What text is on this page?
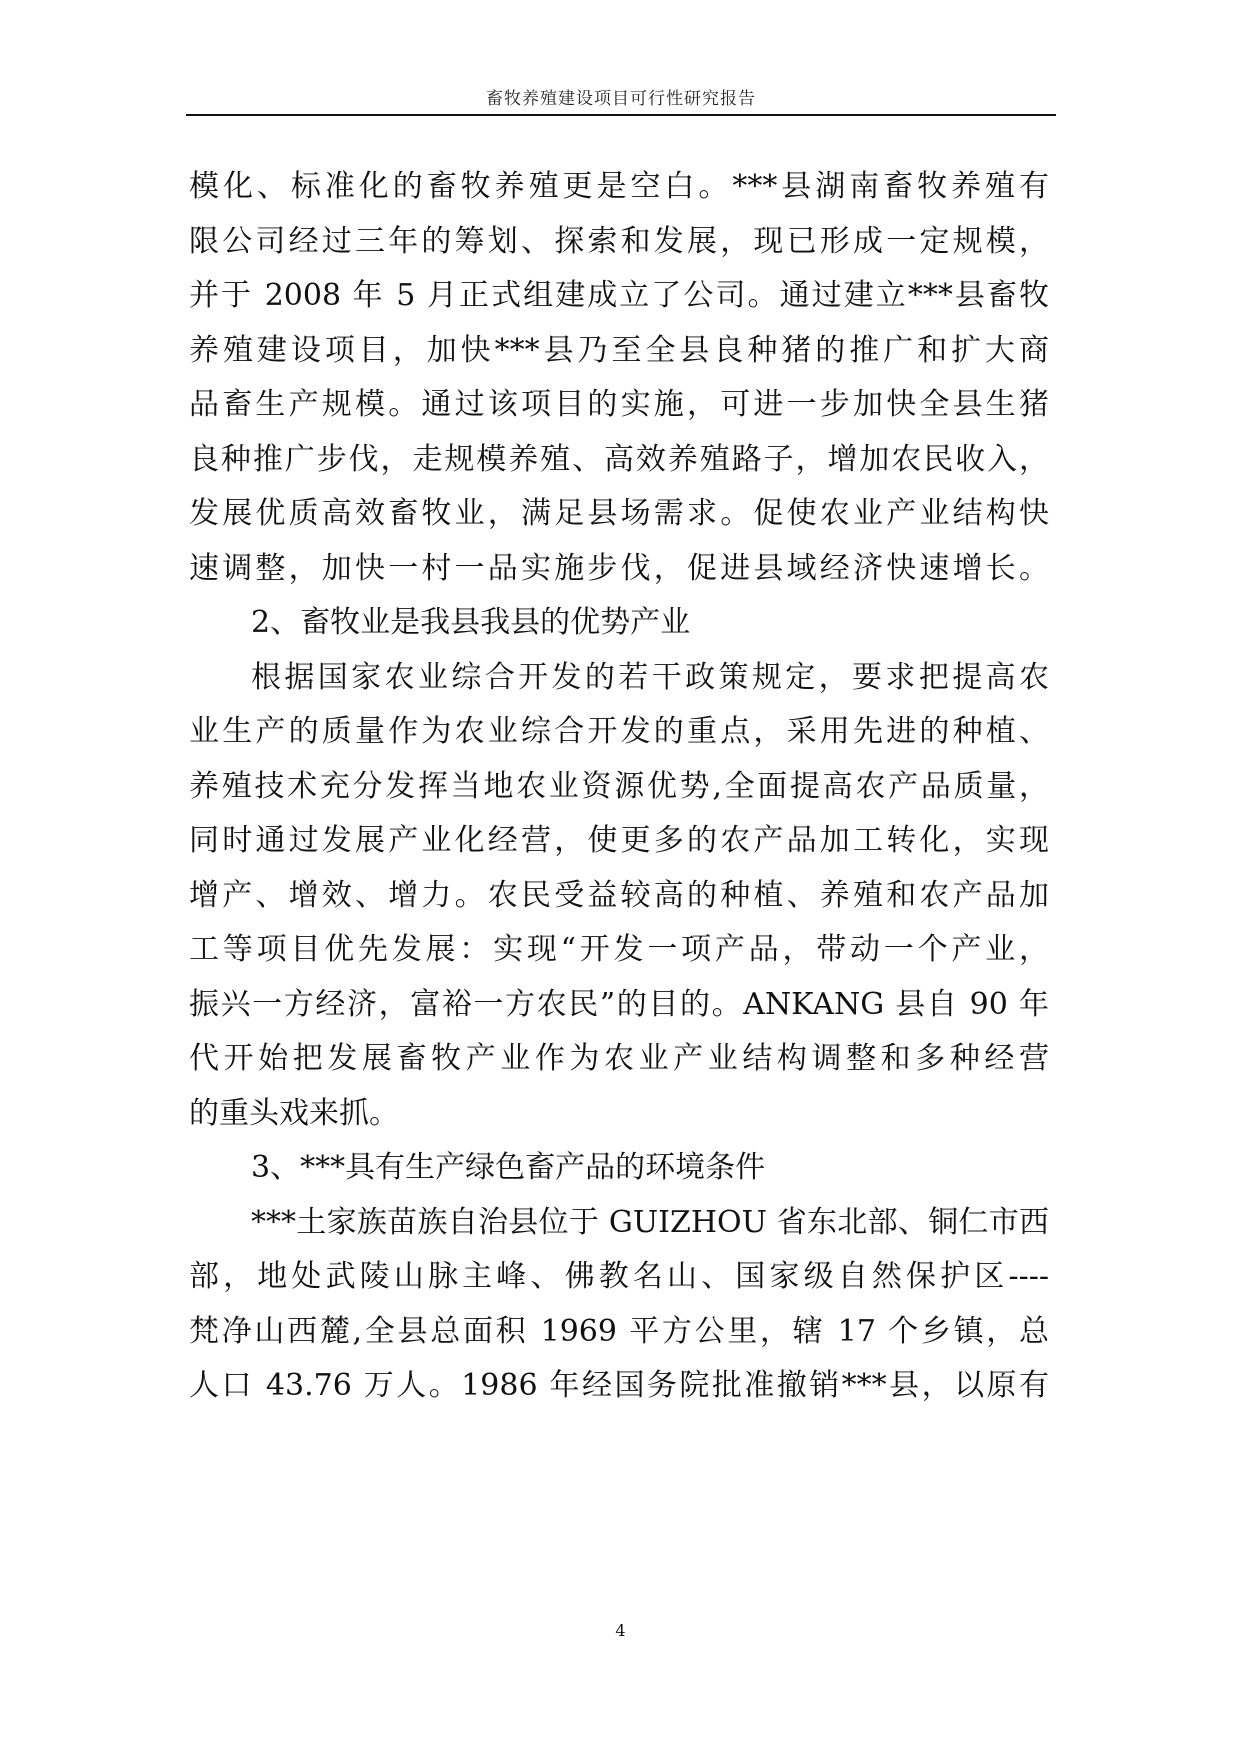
畜牧养殖建设项目可行性研究报告
模化、标准化的畜牧养殖更是空白。***县湖南畜牧养殖有
限公司经过三年的筹划、探索和发展，现已形成一定规模，
并于 2008 年 5 月正式组建成立了公司。通过建立***县畜牧
养殖建设项目，加快***县乃至全县良种猪的推广和扩大商
品畜生产规模。通过该项目的实施，可进一步加快全县生猪
良种推广步伐，走规模养殖、高效养殖路子，增加农民收入，
发展优质高效畜牧业，满足县场需求。促使农业产业结构快
速调整，加快一村一品实施步伐，促进县域经济快速增长。
2、畜牧业是我县我县的优势产业
根据国家农业综合开发的若干政策规定，要求把提高农
业生产的质量作为农业综合开发的重点，采用先进的种植、
养殖技术充分发挥当地农业资源优势,全面提高农产品质量，
同时通过发展产业化经营，使更多的农产品加工转化，实现
增产、增效、增力。农民受益较高的种植、养殖和农产品加
工等项目优先发展：实现“开发一项产品，带动一个产业，
振兴一方经济，富裕一方农民”的目的。ANKANG 县自 90 年
代开始把发展畜牧产业作为农业产业结构调整和多种经营
的重头戏来抓。
3、***具有生产绿色畜产品的环境条件
***土家族苗族自治县位于 GUIZHOU 省东北部、铜仁市西
部，地处武陵山脉主峰、佛教名山、国家级自然保护区----
梵净山西麓,全县总面积 1969 平方公里，辖 17 个乡镇，总
人口 43.76 万人。1986 年经国务院批准撤销***县，以原有
4
